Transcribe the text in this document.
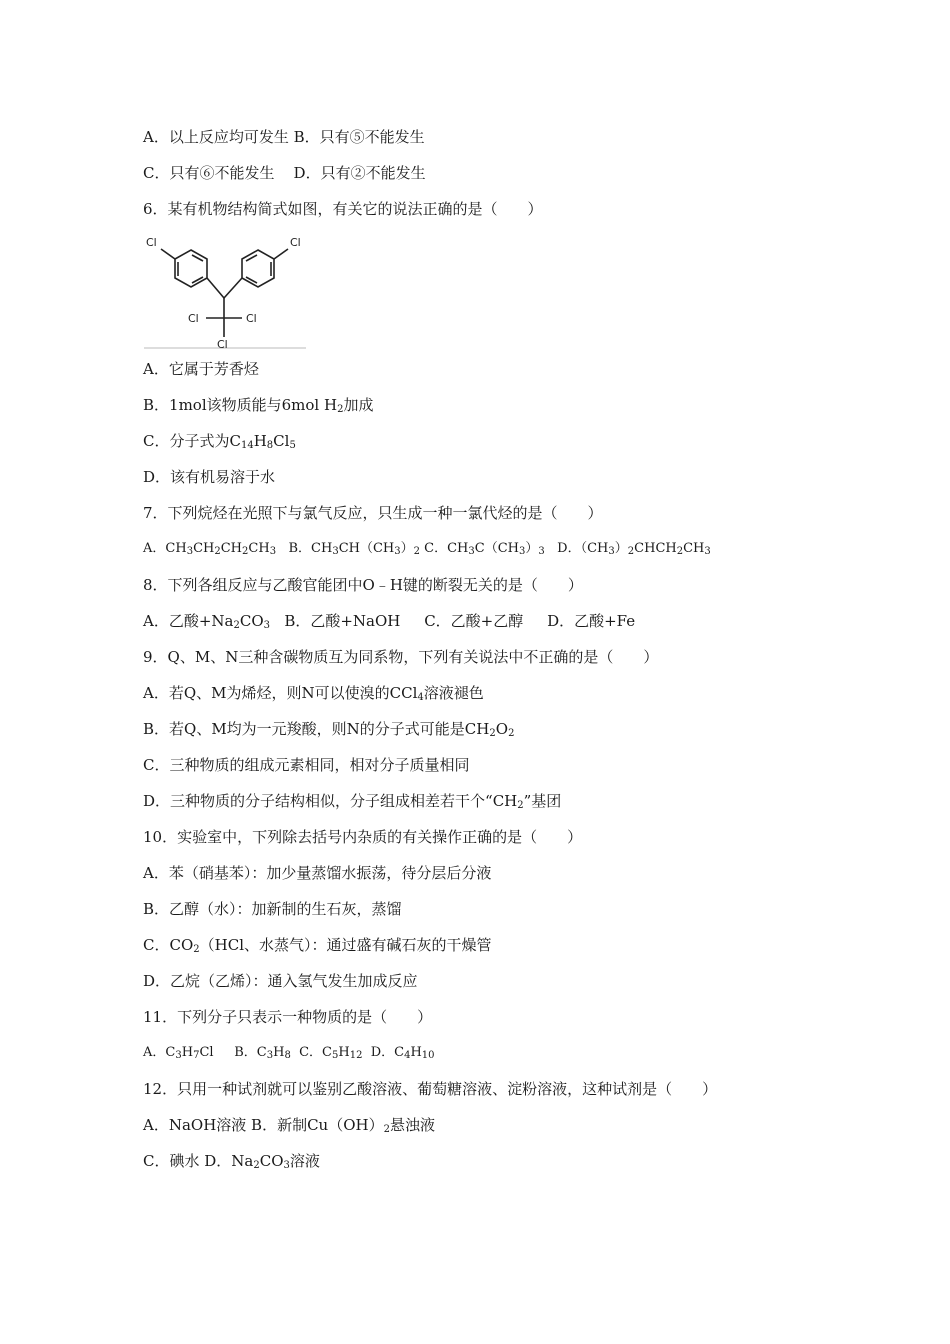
A．以上反应均可发生 B．只有⑤不能发生
C．只有⑥不能发生    D．只有②不能发生
6．某有机物结构简式如图，有关它的说法正确的是（　　）
Cl	Cl
Cl	Cl
Cl
A．它属于芳香烃
B．1mol该物质能与6mol $H_2$加成
C．分子式为$C_{14}H_8Cl_5$
D．该有机易溶于水
7．下列烷烃在光照下与氯气反应，只生成一种一氯代烃的是（　　）
A．$CH_3CH_2CH_2CH_3$   B．$CH_3CH(CH_3)_2$ C．$CH_3C(CH_3)_3$   D．$(CH_3)_2CHCH_2CH_3$
8．下列各组反应与乙酸官能团中O﹣H键的断裂无关的是（　　）
A．乙酸$+Na_2CO_3$   B．乙酸+NaOH     C．乙酸+乙醇     D．乙酸+Fe
9．Q、M、N三种含碳物质互为同系物，下列有关说法中不正确的是（　　）
A．若Q、M为烯烃，则N可以使溴的CCl$_4$溶液褪色
B．若Q、M均为一元羧酸，则N的分子式可能是$CH_2O_2$
C．三种物质的组成元素相同，相对分子质量相同
D．三种物质的分子结构相似，分子组成相差若干个“$CH_2$”基团
10．实验室中，下列除去括号内杂质的有关操作正确的是（　　）
A．苯（硝基苯）：加少量蒸馏水振荡，待分层后分液
B．乙醇（水）：加新制的生石灰，蒸馏
C．$CO_2(HCl$、水蒸气）：通过盛有碱石灰的干燥管
D．乙烷（乙烯）：通入氢气发生加成反应
11．下列分子只表示一种物质的是（　　）
A．$C_3H_7Cl$     B．$C_3H_8$  C．$C_5H_{12}$  D．$C_4H_{10}$
12．只用一种试剂就可以鉴别乙酸溶液、葡萄糖溶液、淀粉溶液，这种试剂是（　　）
A．NaOH溶液 B．新制$Cu(OH)_2$悬浊液
C．碘水 D．$Na_2CO_3$溶液
